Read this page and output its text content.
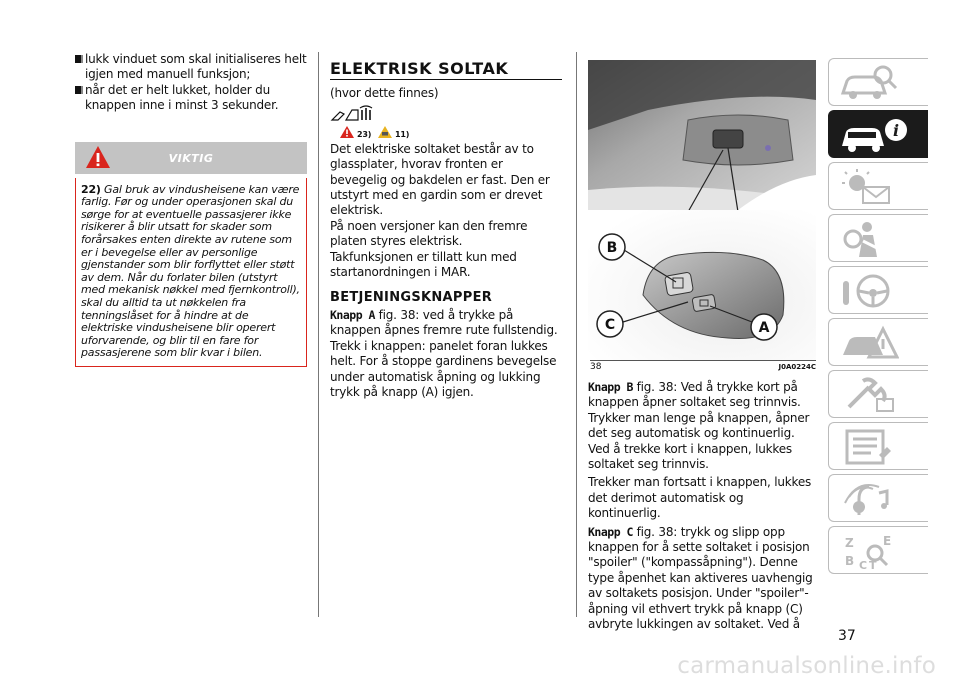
lukk vinduet som skal initialiseres helt igjen med manuell funksjon;
når det er helt lukket, holder du knappen inne i minst 3 sekunder.
VIKTIG
22) Gal bruk av vindusheisene kan være farlig. Før og under operasjonen skal du sørge for at eventuelle passasjerer ikke risikerer å blir utsatt for skader som forårsakes enten direkte av rutene som er i bevegelse eller av personlige gjenstander som blir forflyttet eller støtt av dem. Når du forlater bilen (utstyrt med mekanisk nøkkel med fjernkontroll), skal du alltid ta ut nøkkelen fra tenningslåset for å hindre at de elektriske vindusheisene blir operert uforvarende, og blir til en fare for passasjerene som blir kvar i bilen.
ELEKTRISK SOLTAK

(hvor dette finnes)

23)	11)

Det elektriske soltaket består av to glassplater, hvorav fronten er bevegelig og bakdelen er fast. Den er utstyrt med en gardin som er drevet elektrisk.

På noen versjoner kan den fremre platen styres elektrisk.

Takfunksjonen er tillatt kun med startanordningen i MAR.

BETJENINGSKNAPPER

Knapp A fig. 38: ved å trykke på knappen åpnes fremre rute fullstendig. Trekk i knappen: panelet foran lukkes helt. For å stoppe gardinens bevegelse under automatisk åpning og lukking trykk på knapp (A) igjen.

B
C	A
38	J0A0224C

Knapp B fig. 38: Ved å trykke kort på knappen åpner soltaket seg trinnvis. Trykker man lenge på knappen, åpner det seg automatisk og kontinuerlig. Ved å trekke kort i knappen, lukkes soltaket seg trinnvis.

Trekker man fortsatt i knappen, lukkes det derimot automatisk og kontinuerlig.

Knapp C fig. 38: trykk og slipp opp knappen for å sette soltaket i posisjon "spoiler" ("kompassåpning"). Denne type åpenhet kan aktiveres uavhengig av soltakets posisjon. Under "spoiler"-åpning vil ethvert trykk på knapp (C) avbryte lukkingen av soltaket. Ved å

i
Z E
B C T
37
carmanualsonline.info
